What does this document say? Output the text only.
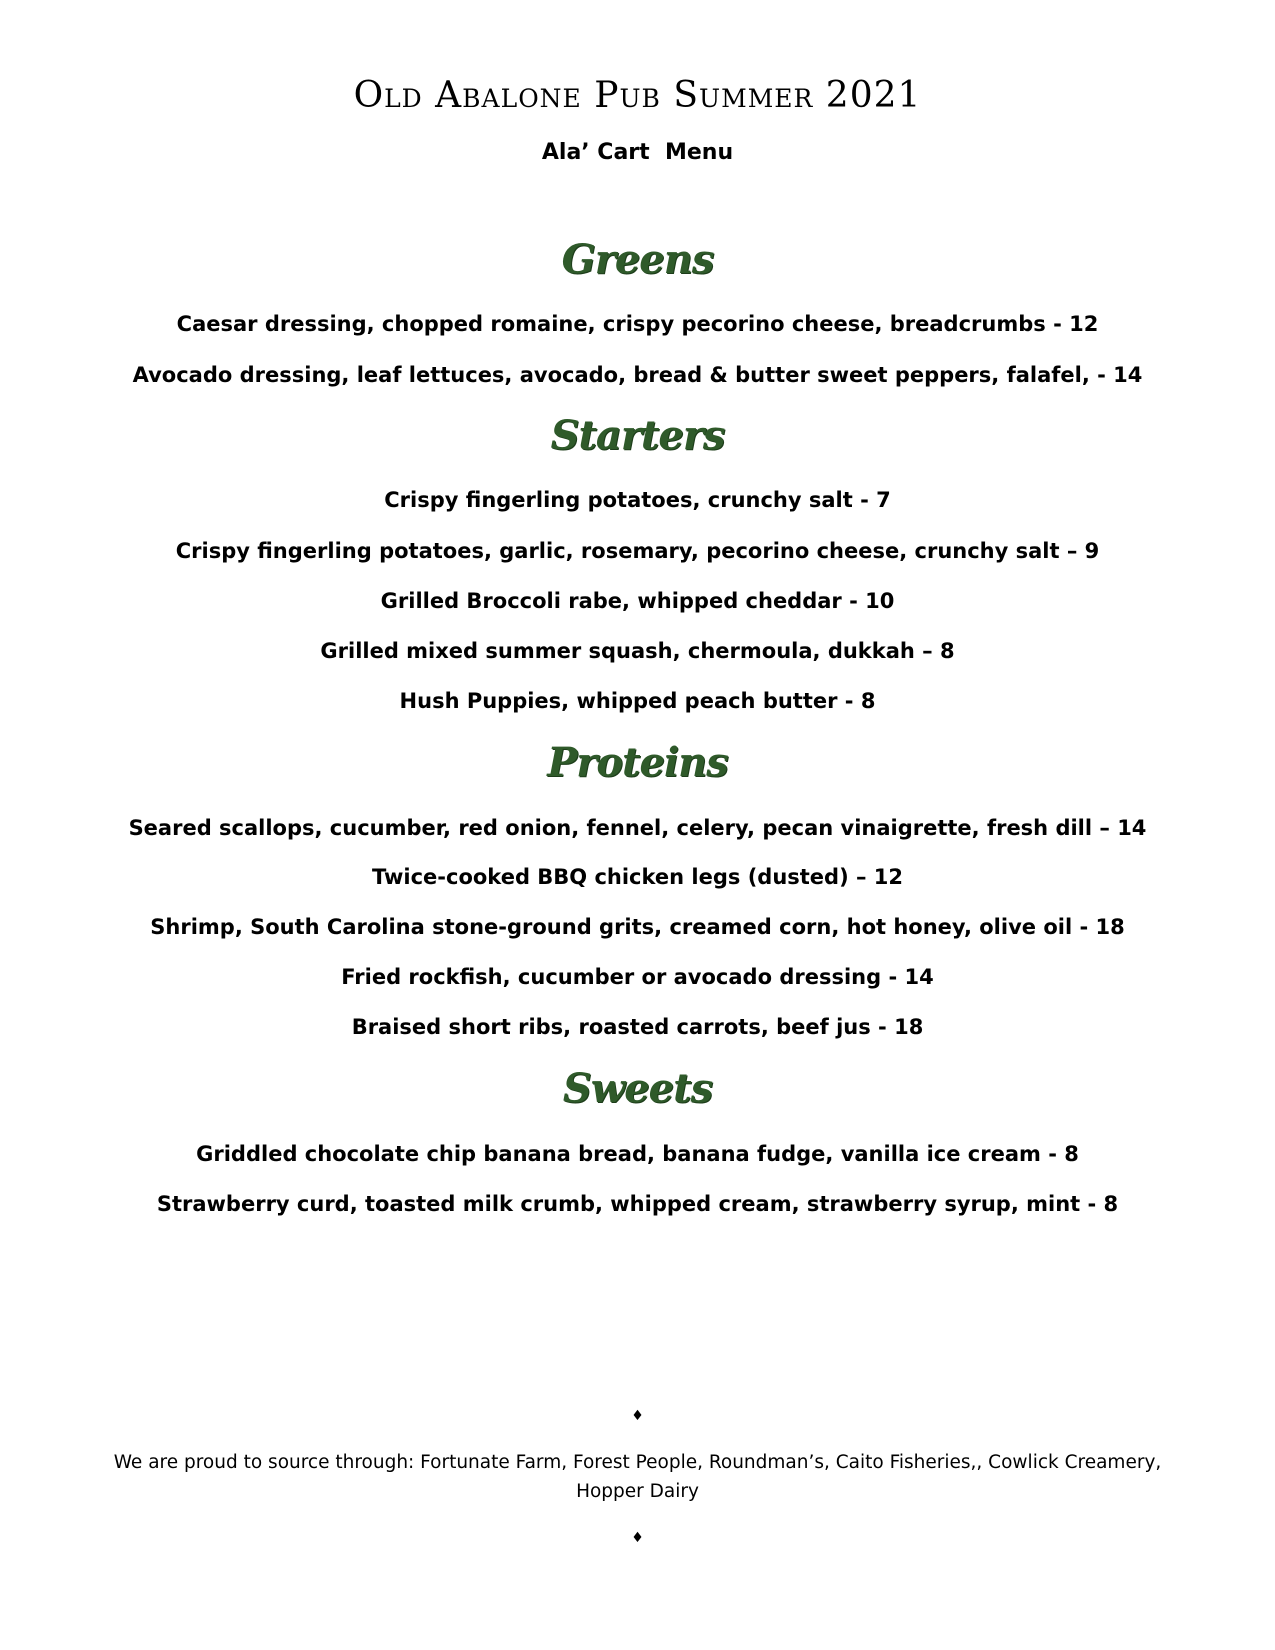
Old Abalone Pub Summer 2021
Ala’ Cart  Menu
Greens
Caesar dressing, chopped romaine, crispy pecorino cheese, breadcrumbs - 12
Avocado dressing, leaf lettuces, avocado, bread & butter sweet peppers, falafel, - 14
Starters
Crispy fingerling potatoes, crunchy salt - 7
Crispy fingerling potatoes, garlic, rosemary, pecorino cheese, crunchy salt – 9
Grilled Broccoli rabe, whipped cheddar - 10
Grilled mixed summer squash, chermoula, dukkah – 8
Hush Puppies, whipped peach butter - 8
Proteins
Seared scallops, cucumber, red onion, fennel, celery, pecan vinaigrette, fresh dill – 14
Twice-cooked BBQ chicken legs (dusted) – 12
Shrimp, South Carolina stone-ground grits, creamed corn, hot honey, olive oil - 18
Fried rockfish, cucumber or avocado dressing - 14
Braised short ribs, roasted carrots, beef jus - 18
Sweets
Griddled chocolate chip banana bread, banana fudge, vanilla ice cream - 8
Strawberry curd, toasted milk crumb, whipped cream, strawberry syrup, mint - 8
♦
We are proud to source through: Fortunate Farm, Forest People, Roundman’s, Caito Fisheries,, Cowlick Creamery, Hopper Dairy
♦
